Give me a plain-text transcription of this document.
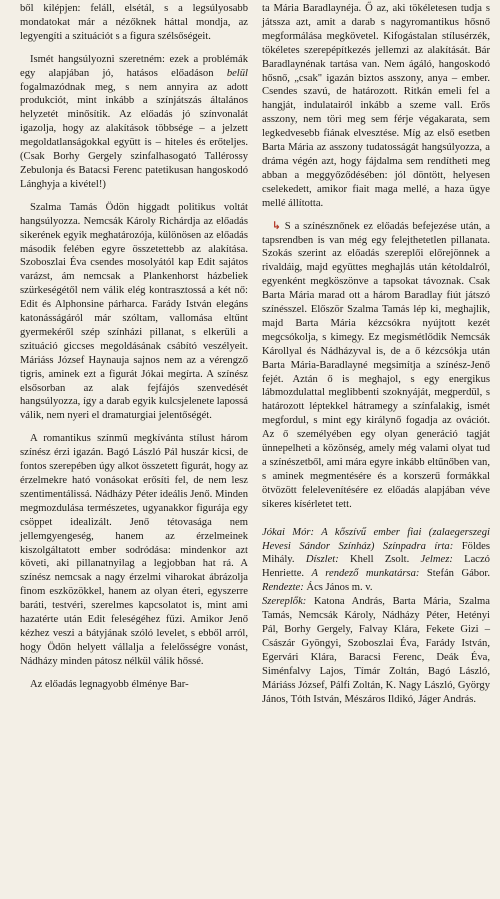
ből kilépjen: feláll, elsétál, s a legsúlyosabb mondatokat már a nézőknek háttal mondja, az legyengíti a szituációt s a figura szélsőségeit.

Ismét hangsúlyozni szeretném: ezek a problémák egy alapjában jó, hatásos előadáson belül fogalmazódnak meg, s nem annyira az adott produkciót, mint inkább a színjátszás általános helyzetét minősítik. Az előadás jó színvonalát igazolja, hogy az alakítások többsége – a jelzett megoldatlanságokkal együtt is – hiteles és erőteljes. (Csak Borhy Gergely szinfalhasogató Tallérossy Zebulonja és Batacsi Ferenc patetikusan hangoskodó Lánghyja a kivétel!)

Szalma Tamás Ödön higgadt politikus voltát hangsúlyozza. Nemcsák Károly Richárdja az előadás sikerének egyik meghatározója, különösen az előadás második felében egyre összetettebb az alakítása. Szoboszlai Éva csendes mosolyától kap Edit sajátos varázst, ám nemcsak a Plankenhorst házbeliek szürkeségétől nem válik elég kontrasztossá a két nő: Edit és Alphonsine párharca. Farády István elegáns katonásságáról már szóltam, vallomása eltűnt gyermekéről szép színházi pillanat, s elkerüli a szituáció giccses megoldásának csábító veszélyeit. Máriáss József Haynauja sajnos nem az a vérengző tigris, aminek ezt a figurát Jókai megírta. A színész elsősorban az alak fejfájós szenvedését hangsúlyozza, így a darab egyik kulcsjelenete lapossá válik, nem nyeri el dramaturgiai jelentőségét.

A romantikus színmű megkívánta stílust három színész érzi igazán. Bagó László Pál huszár kicsi, de fontos szerepében úgy alkot összetett figurát, hogy az érzelmekre ható vonásokat erősíti fel, de nem lesz szentimentálissá. Nádházy Péter ideális Jenő. Minden megmozdulása természetes, ugyanakkor figurája egy csöppet idealizált. Jenő tétovasága nem jellemgyengeség, hanem az érzelmeinek kiszolgáltatott ember sodródása: mindenkor azt követi, aki pillanatnyilag a legjobban hat rá. A színész nemcsak a nagy érzelmi viharokat ábrázolja finom eszközökkel, hanem az olyan éteri, egyszerre baráti, testvéri, szerelmes kapcsolatot is, mint ami hazatérte után Edit feleségéhez fűzi. Amikor Jenő kézhez veszi a bátyjának szóló levelet, s ebből arról, hogy Ödön helyett vállalja a felelősségre vonást, Nádházy minden pátosz nélkül válik hőssé.

Az előadás legnagyobb élménye Bar-

ta Mária Baradlaynéja. Ő az, aki tökéletesen tudja s játssza azt, amit a darab s nagyromantikus hősnő megformálása megkövetel. Kifogástalan stílusérzék, tökéletes szerepépítkezés jellemzi az alakítását. Bár Baradlaynénak tartása van. Nem ágáló, hangoskodó hősnő, „csak" igazán biztos asszony, anya – ember. Csendes szavú, de határozott. Ritkán emeli fel a hangját, indulatairól inkább a szeme vall. Erős asszony, nem töri meg sem férje végakarata, sem legkedvesebb fiának elvesztése. Míg az első esetben Barta Mária az asszony tudatosságát hangsúlyozza, a dráma végén azt, hogy fájdalma sem rendítheti meg abban a meggyőződésében: jól döntött, helyesen cselekedett, amikor fiait maga mellé, a haza ügye mellé állította.

↳ S a színésznőnek ez előadás befejezése után, a tapsrendben is van még egy felejthetetlen pillanata. Szokás szerint az előadás szereplői előrejönnek a rivaldáig, majd együttes meghajlás után kétoldalról, egyenként megköszönve a tapsokat távoznak. Csak Barta Mária marad ott a három Baradlay fiút játszó színésszel. Először Szalma Tamás lép ki, meghajlik, majd Barta Mária kézcsókra nyújtott kezét megcsókolja, s kimegy. Ez megismétlődik Nemcsák Károllyal és Nádházyval is, de a ő kézcsókja után Barta Mária-Baradlayné megsimítja a színész-Jenő fejét. Aztán ő is meghajol, s egy energikus lábmozdulattal meglibbenti szoknyáját, megperdül, s határozott léptekkel hátramegy a színfalakig, ismét megfordul, s mint egy királynő fogadja az ovációt. Az ő személyében egy olyan generáció tagját ünnepelheti a közönség, amely még valami olyat tud a színészetből, ami mára egyre inkább eltűnőben van, s aminek megmentésére és a korszerű formákkal ötvözött felelevenítésére ez előadás alapjában véve sikeres kísérletet tett.

Jókai Mór: A kőszívű ember fiai (zalaegerszegi Hevesi Sándor Színház) Színpadra írta: Földes Mihály. Díszlet: Khell Zsolt. Jelmez: Laczó Henriette. A rendező munkatársa: Stefán Gábor. Rendezte: Ács János m. v.

Szereplők: Katona András, Barta Mária, Szalma Tamás, Nemcsák Károly, Nádházy Péter, Hetényi Pál, Borhy Gergely, Falvay Klára, Fekete Gizi – Császár Gyöngyi, Szoboszlai Éva, Farády István, Egervári Klára, Baracsi Ferenc, Deák Éva, Siménfalvy Lajos, Tímár Zoltán, Bagó László, Máriáss József, Pálfi Zoltán, K. Nagy László, György János, Tóth István, Mészáros Ildikó, Jáger András.
